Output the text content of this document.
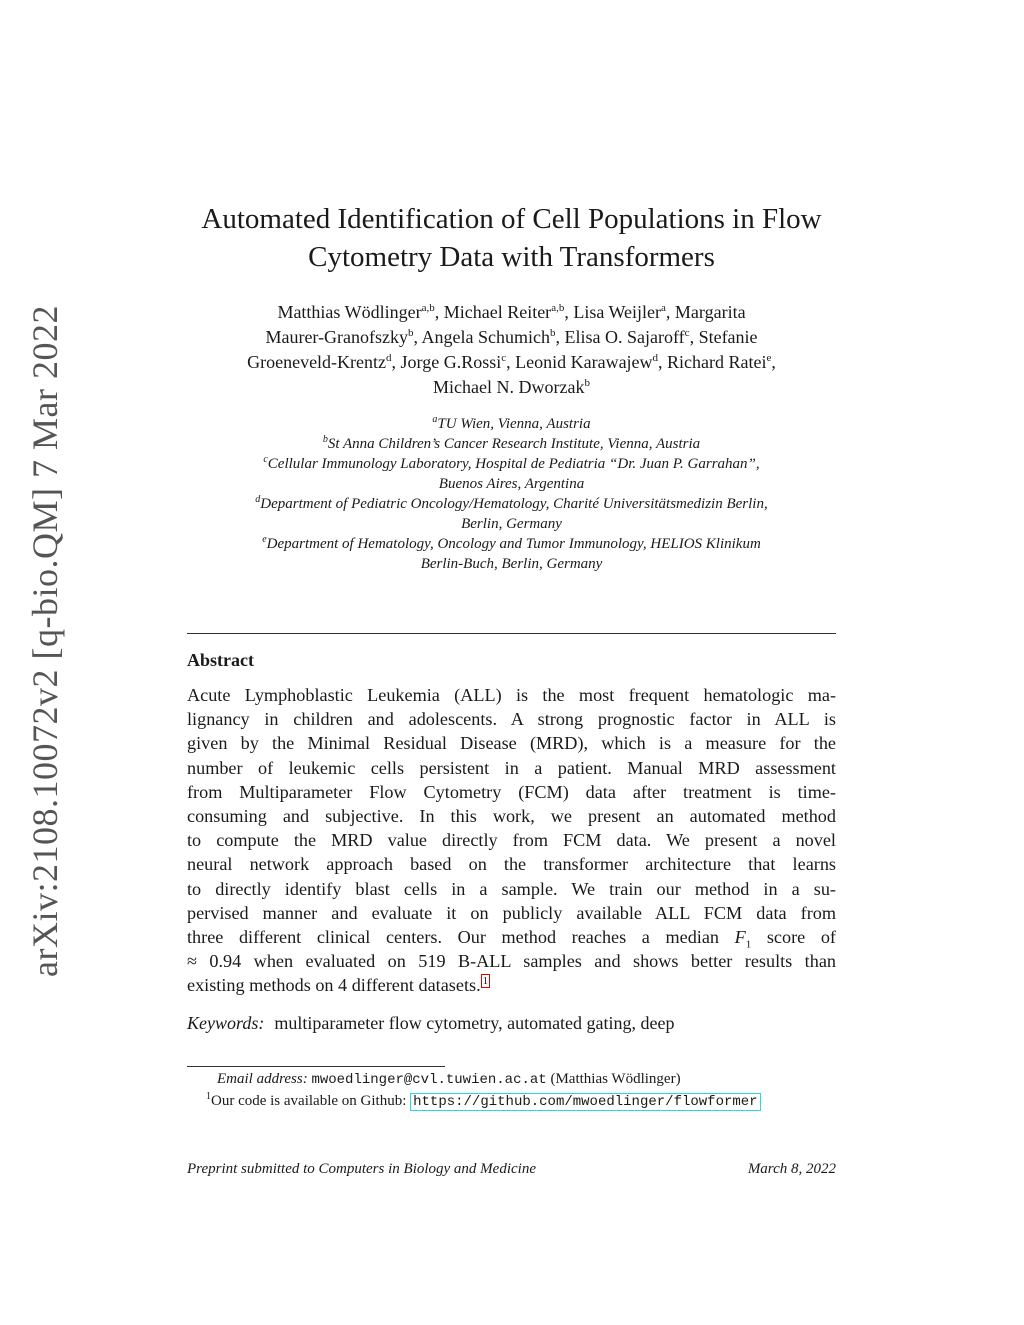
arXiv:2108.10072v2 [q-bio.QM] 7 Mar 2022
Automated Identification of Cell Populations in Flow
Cytometry Data with Transformers
Matthias Wödlinger$^{a,b}$, Michael Reiter$^{a,b}$, Lisa Weijler$^a$, Margarita
Maurer-Granofszky$^b$, Angela Schumich$^b$, Elisa O. Sajaroff$^c$, Stefanie
Groeneveld-Krentz$^d$, Jorge G.Rossi$^c$, Leonid Karawajew$^d$, Richard Ratei$^e$,
Michael N. Dworzak$^b$
$^a$TU Wien, Vienna, Austria
$^b$St Anna Children’s Cancer Research Institute, Vienna, Austria
$^c$Cellular Immunology Laboratory, Hospital de Pediatria “Dr. Juan P. Garrahan”,
Buenos Aires, Argentina
$^d$Department of Pediatric Oncology/Hematology, Charité Universitätsmedizin Berlin,
Berlin, Germany
$^e$Department of Hematology, Oncology and Tumor Immunology, HELIOS Klinikum
Berlin-Buch, Berlin, Germany
Abstract
Acute Lymphoblastic Leukemia (ALL) is the most frequent hematologic ma-
lignancy in children and adolescents. A strong prognostic factor in ALL is
given by the Minimal Residual Disease (MRD), which is a measure for the
number of leukemic cells persistent in a patient. Manual MRD assessment
from Multiparameter Flow Cytometry (FCM) data after treatment is time-
consuming and subjective. In this work, we present an automated method
to compute the MRD value directly from FCM data. We present a novel
neural network approach based on the transformer architecture that learns
to directly identify blast cells in a sample. We train our method in a su-
pervised manner and evaluate it on publicly available ALL FCM data from
three different clinical centers. Our method reaches a median $F_1$ score of
≈ 0.94 when evaluated on 519 B-ALL samples and shows better results than
existing methods on 4 different datasets. $^1$
Keywords: multiparameter flow cytometry, automated gating, deep
Email address: mwoedlinger@cvl.tuwien.ac.at (Matthias Wödlinger)
$^1$Our code is available on Github: https://github.com/mwoedlinger/flowformer
Preprint submitted to Computers in Biology and Medicine	March 8, 2022
